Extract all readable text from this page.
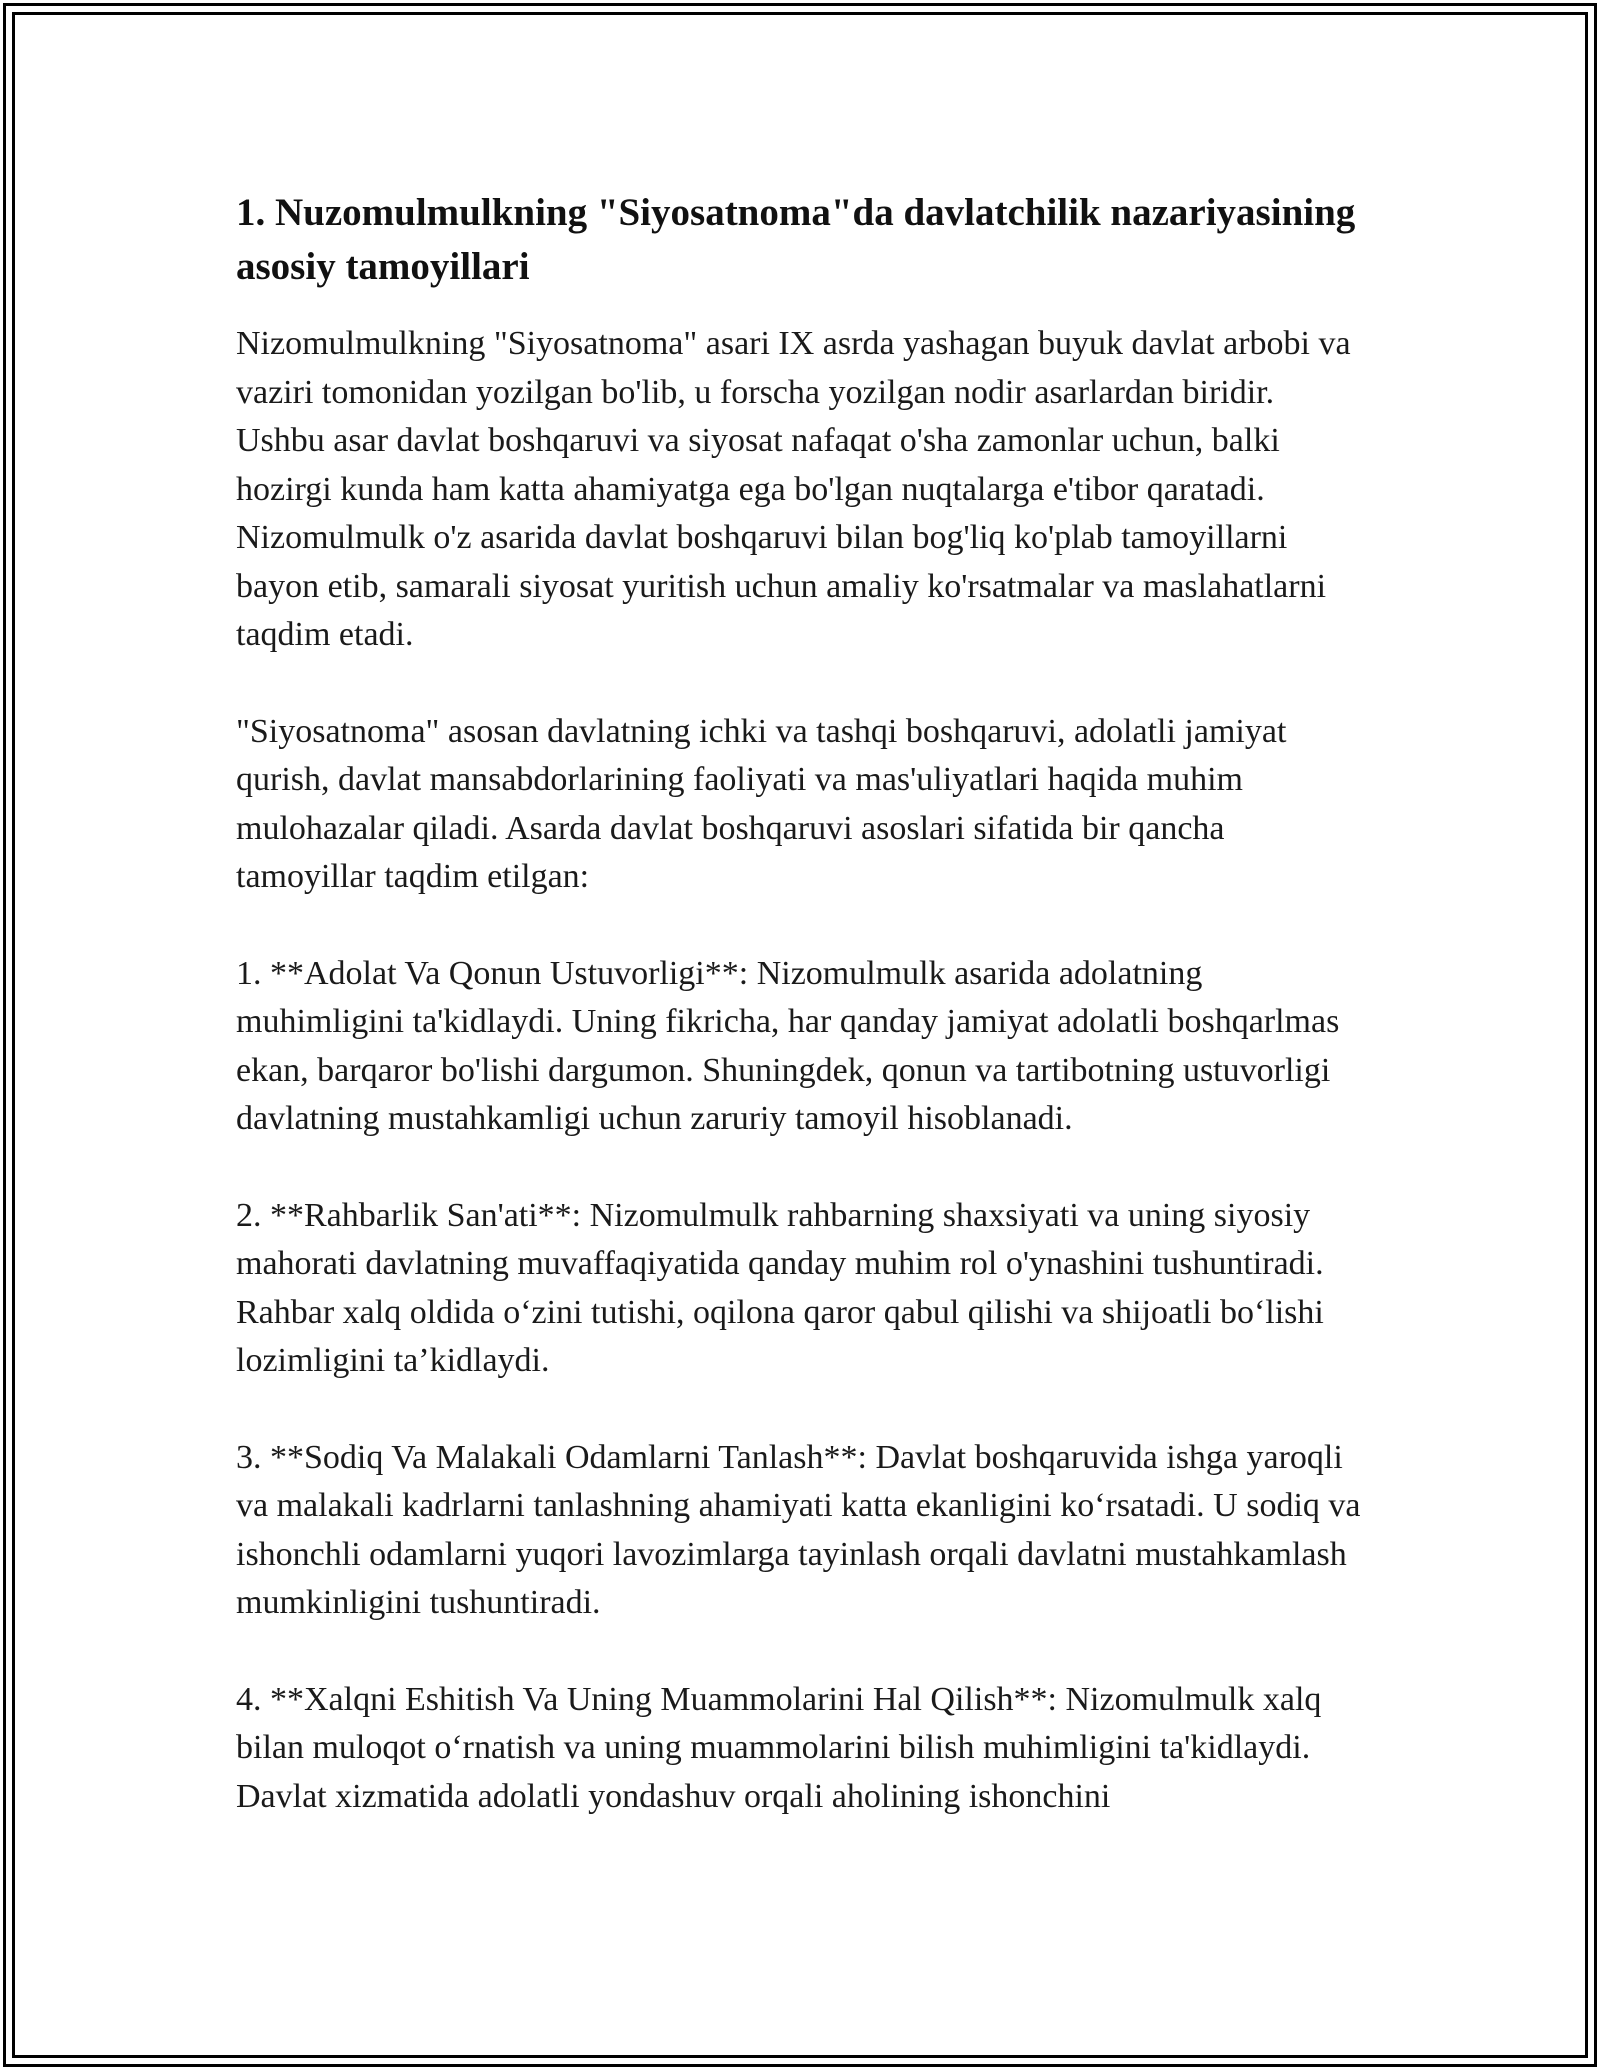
1. Nuzomulmulkning "Siyosatnoma"da davlatchilik nazariyasining asosiy tamoyillari

Nizomulmulkning "Siyosatnoma" asari IX asrda yashagan buyuk davlat arbobi va vaziri tomonidan yozilgan bo'lib, u forscha yozilgan nodir asarlardan biridir. Ushbu asar davlat boshqaruvi va siyosat nafaqat o'sha zamonlar uchun, balki hozirgi kunda ham katta ahamiyatga ega bo'lgan nuqtalarga e'tibor qaratadi. Nizomulmulk o'z asarida davlat boshqaruvi bilan bog'liq ko'plab tamoyillarni bayon etib, samarali siyosat yuritish uchun amaliy ko'rsatmalar va maslahatlarni taqdim etadi.

"Siyosatnoma" asosan davlatning ichki va tashqi boshqaruvi, adolatli jamiyat qurish, davlat mansabdorlarining faoliyati va mas'uliyatlari haqida muhim mulohazalar qiladi. Asarda davlat boshqaruvi asoslari sifatida bir qancha tamoyillar taqdim etilgan:

1. **Adolat Va Qonun Ustuvorligi**: Nizomulmulk asarida adolatning muhimligini ta'kidlaydi. Uning fikricha, har qanday jamiyat adolatli boshqarlmas ekan, barqaror bo'lishi dargumon. Shuningdek, qonun va tartibotning ustuvorligi davlatning mustahkamligi uchun zaruriy tamoyil hisoblanadi.

2. **Rahbarlik San'ati**: Nizomulmulk rahbarning shaxsiyati va uning siyosiy mahorati davlatning muvaffaqiyatida qanday muhim rol o'ynashini tushuntiradi. Rahbar xalq oldida oʻzini tutishi, oqilona qaror qabul qilishi va shijoatli boʻlishi lozimligini ta’kidlaydi.

3. **Sodiq Va Malakali Odamlarni Tanlash**: Davlat boshqaruvida ishga yaroqli va malakali kadrlarni tanlashning ahamiyati katta ekanligini koʻrsatadi. U sodiq va ishonchli odamlarni yuqori lavozimlarga tayinlash orqali davlatni mustahkamlash mumkinligini tushuntiradi.

4. **Xalqni Eshitish Va Uning Muammolarini Hal Qilish**: Nizomulmulk xalq bilan muloqot oʻrnatish va uning muammolarini bilish muhimligini ta'kidlaydi. Davlat xizmatida adolatli yondashuv orqali aholining ishonchini
